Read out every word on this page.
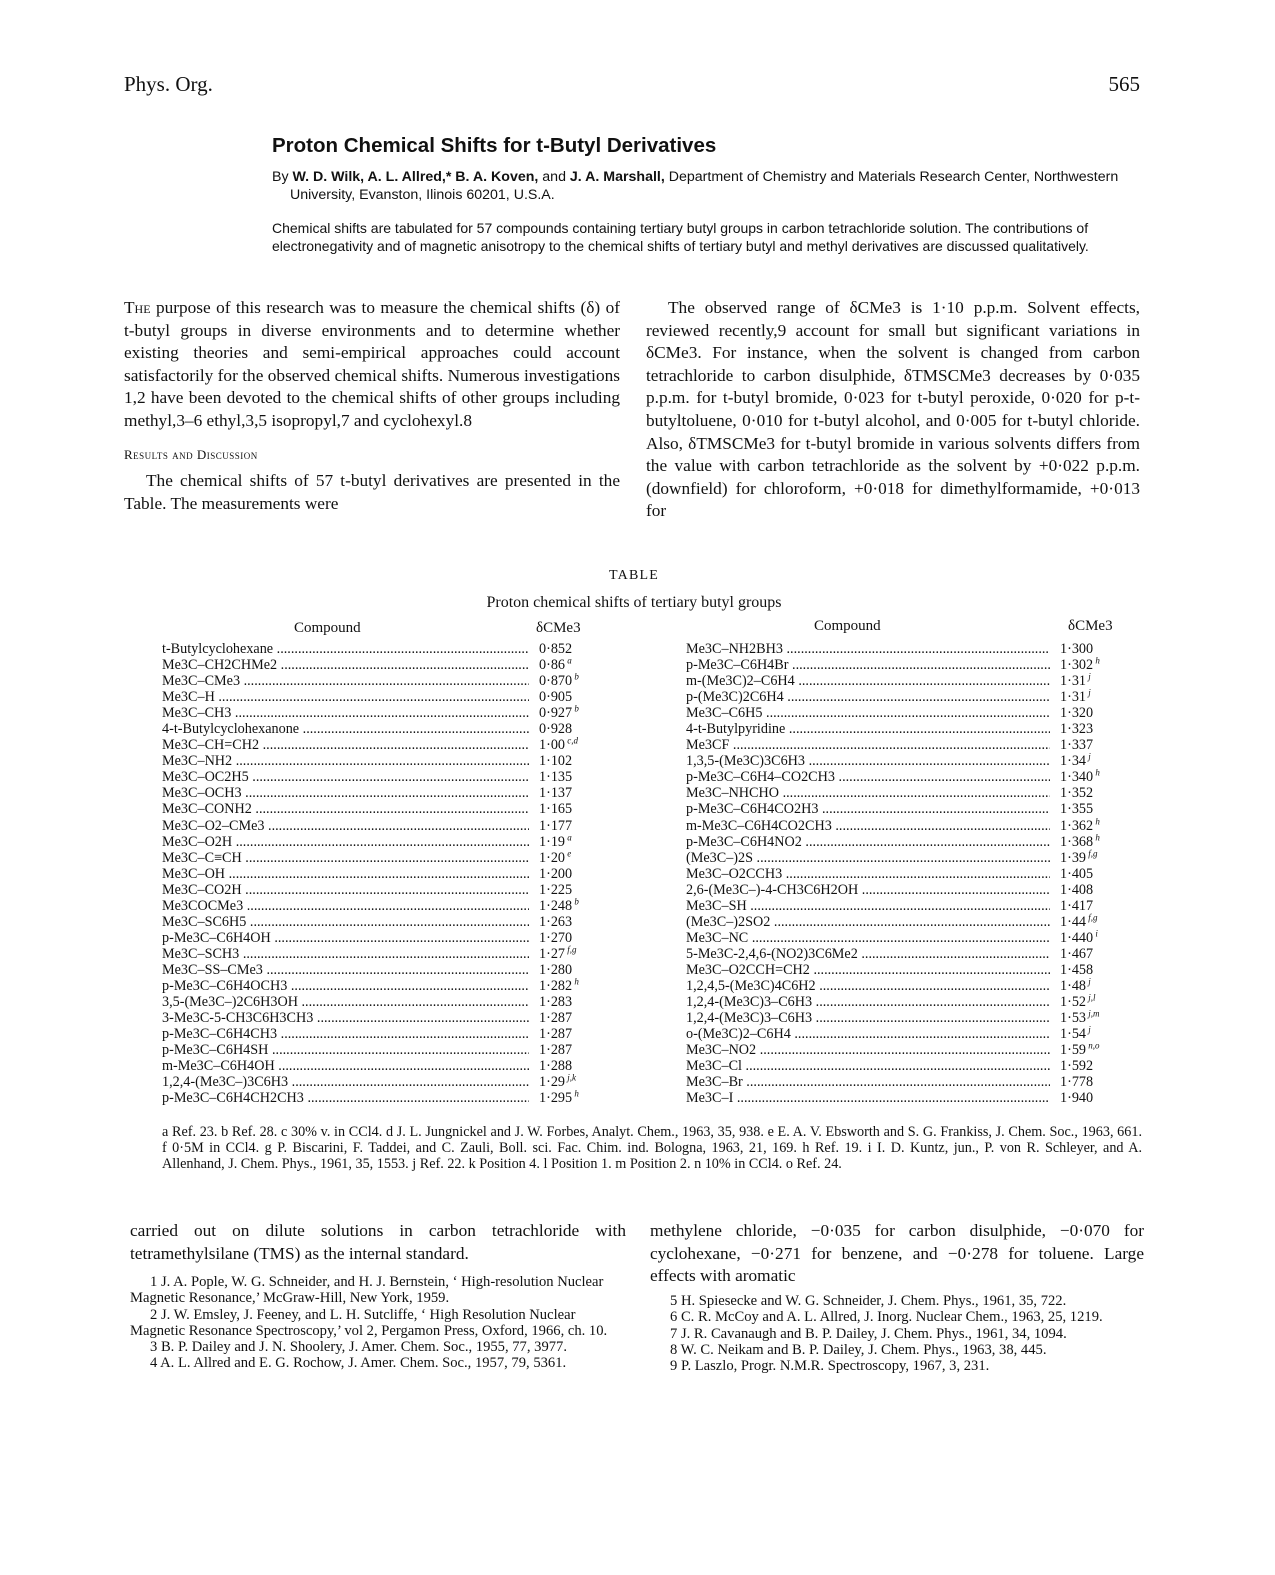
Phys. Org.	565
Proton Chemical Shifts for t-Butyl Derivatives
By W. D. Wilk, A. L. Allred,* B. A. Koven, and J. A. Marshall, Department of Chemistry and Materials Research Center, Northwestern University, Evanston, Ilinois 60201, U.S.A.
Chemical shifts are tabulated for 57 compounds containing tertiary butyl groups in carbon tetrachloride solution. The contributions of electronegativity and of magnetic anisotropy to the chemical shifts of tertiary butyl and methyl derivatives are discussed qualitatively.

The purpose of this research was to measure the chemical shifts (δ) of t-butyl groups in diverse environments and to determine whether existing theories and semi-empirical approaches could account satisfactorily for the observed chemical shifts. Numerous investigations 1,2 have been devoted to the chemical shifts of other groups including methyl,3–6 ethyl,3,5 isopropyl,7 and cyclohexyl.8

Results and Discussion

The chemical shifts of 57 t-butyl derivatives are presented in the Table. The measurements were

The observed range of δCMe3 is 1·10 p.p.m. Solvent effects, reviewed recently,9 account for small but significant variations in δCMe3. For instance, when the solvent is changed from carbon tetrachloride to carbon disulphide, δTMSCMe3 decreases by 0·035 p.p.m. for t-butyl bromide, 0·023 for t-butyl peroxide, 0·020 for p-t-butyltoluene, 0·010 for t-butyl alcohol, and 0·005 for t-butyl chloride. Also, δTMSCMe3 for t-butyl bromide in various solvents differs from the value with carbon tetrachloride as the solvent by +0·022 p.p.m. (downfield) for chloroform, +0·018 for dimethylformamide, +0·013 for

TABLE
Proton chemical shifts of tertiary butyl groups
Compound	δCMe3	Compound	δCMe3
t-Butylcyclohexane .....	0·852
Me3C–CH2CHMe2 .....	0·86 $^a$
Me3C–CMe3 .....	0·870 $^b$
Me3C–H .....	0·905
Me3C–CH3 .....	0·927 $^b$
4-t-Butylcyclohexanone .....	0·928
Me3C–CH=CH2 .....	1·00 $^{c,d}$
Me3C–NH2 .....	1·102
Me3C–OC2H5 .....	1·135
Me3C–OCH3 .....	1·137
Me3C–CONH2 .....	1·165
Me3C–O2–CMe3 .....	1·177
Me3C–O2H .....	1·19 $^a$
Me3C–C≡CH .....	1·20 $^e$
Me3C–OH .....	1·200
Me3C–CO2H .....	1·225
Me3COCMe3 .....	1·248 $^b$
Me3C–SC6H5 .....	1·263
p-Me3C–C6H4OH .....	1·270
Me3C–SCH3 .....	1·27 $^{f,g}$
Me3C–SS–CMe3 .....	1·280
p-Me3C–C6H4OCH3 .....	1·282 $^h$
3,5-(Me3C–)2C6H3OH .....	1·283
3-Me3C-5-CH3C6H3CH3 .....	1·287
p-Me3C–C6H4CH3 .....	1·287
p-Me3C–C6H4SH .....	1·287
m-Me3C–C6H4OH .....	1·288
1,2,4-(Me3C–)3C6H3 .....	1·29 $^{j,k}$
p-Me3C–C6H4CH2CH3 .....	1·295 $^h$
Me3C–NH2BH3 .....	1·300
p-Me3C–C6H4Br .....	1·302 $^h$
m-(Me3C)2–C6H4 .....	1·31 $^j$
p-(Me3C)2C6H4 .....	1·31 $^j$
Me3C–C6H5 .....	1·320
4-t-Butylpyridine .....	1·323
Me3CF .....	1·337
1,3,5-(Me3C)3C6H3 .....	1·34 $^j$
p-Me3C–C6H4–CO2CH3 .....	1·340 $^h$
Me3C–NHCHO .....	1·352
p-Me3C–C6H4CO2H3 .....	1·355
m-Me3C–C6H4CO2CH3 .....	1·362 $^h$
p-Me3C–C6H4NO2 .....	1·368 $^h$
(Me3C–)2S .....	1·39 $^{f,g}$
Me3C–O2CCH3 .....	1·405
2,6-(Me3C–)-4-CH3C6H2OH .....	1·408
Me3C–SH .....	1·417
(Me3C–)2SO2 .....	1·44 $^{f,g}$
Me3C–NC .....	1·440 $^i$
5-Me3C-2,4,6-(NO2)3C6Me2 .....	1·467
Me3C–O2CCH=CH2 .....	1·458
1,2,4,5-(Me3C)4C6H2 .....	1·48 $^j$
1,2,4-(Me3C)3–C6H3 .....	1·52 $^{j,l}$
1,2,4-(Me3C)3–C6H3 .....	1·53 $^{j,m}$
o-(Me3C)2–C6H4 .....	1·54 $^j$
Me3C–NO2 .....	1·59 $^{n,o}$
Me3C–Cl .....	1·592
Me3C–Br .....	1·778
Me3C–I .....	1·940
a Ref. 23. b Ref. 28. c 30% v. in CCl4. d J. L. Jungnickel and J. W. Forbes, Analyt. Chem., 1963, 35, 938. e E. A. V. Ebsworth and S. G. Frankiss, J. Chem. Soc., 1963, 661. f 0·5M in CCl4. g P. Biscarini, F. Taddei, and C. Zauli, Boll. sci. Fac. Chim. ind. Bologna, 1963, 21, 169. h Ref. 19. i I. D. Kuntz, jun., P. von R. Schleyer, and A. Allenhand, J. Chem. Phys., 1961, 35, 1553. j Ref. 22. k Position 4. l Position 1. m Position 2. n 10% in CCl4. o Ref. 24.
carried out on dilute solutions in carbon tetrachloride with tetramethylsilane (TMS) as the internal standard.
methylene chloride, −0·035 for carbon disulphide, −0·070 for cyclohexane, −0·271 for benzene, and −0·278 for toluene. Large effects with aromatic

1 J. A. Pople, W. G. Schneider, and H. J. Bernstein, ‘ High-resolution Nuclear Magnetic Resonance,’ McGraw-Hill, New York, 1959.

2 J. W. Emsley, J. Feeney, and L. H. Sutcliffe, ‘ High Resolution Nuclear Magnetic Resonance Spectroscopy,’ vol 2, Pergamon Press, Oxford, 1966, ch. 10.

3 B. P. Dailey and J. N. Shoolery, J. Amer. Chem. Soc., 1955, 77, 3977.

4 A. L. Allred and E. G. Rochow, J. Amer. Chem. Soc., 1957, 79, 5361.

5 H. Spiesecke and W. G. Schneider, J. Chem. Phys., 1961, 35, 722.

6 C. R. McCoy and A. L. Allred, J. Inorg. Nuclear Chem., 1963, 25, 1219.

7 J. R. Cavanaugh and B. P. Dailey, J. Chem. Phys., 1961, 34, 1094.

8 W. C. Neikam and B. P. Dailey, J. Chem. Phys., 1963, 38, 445.

9 P. Laszlo, Progr. N.M.R. Spectroscopy, 1967, 3, 231.
